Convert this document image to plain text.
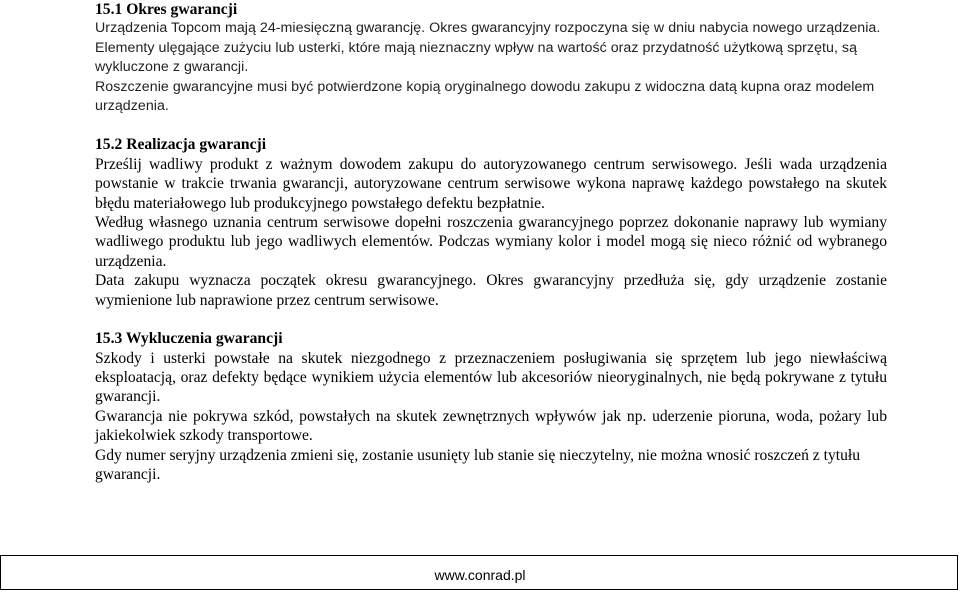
15.1 Okres gwarancji

Urządzenia Topcom mają 24-miesięczną gwarancję. Okres gwarancyjny rozpoczyna się w dniu nabycia nowego urządzenia. Elementy ulęgające zużyciu lub usterki, które mają nieznaczny wpływ na wartość oraz przydatność użytkową sprzętu, są wykluczone z gwarancji.

Roszczenie gwarancyjne musi być potwierdzone kopią oryginalnego dowodu zakupu z widoczna datą kupna oraz modelem urządzenia.

15.2 Realizacja gwarancji

Prześlij wadliwy produkt z ważnym dowodem zakupu do autoryzowanego centrum serwisowego. Jeśli wada urządzenia powstanie w trakcie trwania gwarancji, autoryzowane centrum serwisowe wykona naprawę każdego powstałego na skutek błędu materiałowego lub produkcyjnego powstałego defektu bezpłatnie.

Według własnego uznania centrum serwisowe dopełni roszczenia gwarancyjnego poprzez dokonanie naprawy lub wymiany wadliwego produktu lub jego wadliwych elementów. Podczas wymiany kolor i model mogą się nieco różnić od wybranego urządzenia.

Data zakupu wyznacza początek okresu gwarancyjnego. Okres gwarancyjny przedłuża się, gdy urządzenie zostanie wymienione lub naprawione przez centrum serwisowe.

15.3 Wykluczenia gwarancji

Szkody i usterki powstałe na skutek niezgodnego z przeznaczeniem posługiwania się sprzętem lub jego niewłaściwą eksploatacją, oraz defekty będące wynikiem użycia elementów lub akcesoriów nieoryginalnych, nie będą pokrywane z tytułu gwarancji.

Gwarancja nie pokrywa szkód, powstałych na skutek zewnętrznych wpływów jak np. uderzenie pioruna, woda, pożary lub jakiekolwiek szkody transportowe.

Gdy numer seryjny urządzenia zmieni się, zostanie usunięty lub stanie się nieczytelny, nie można wnosić roszczeń z tytułu gwarancji.

www.conrad.pl
